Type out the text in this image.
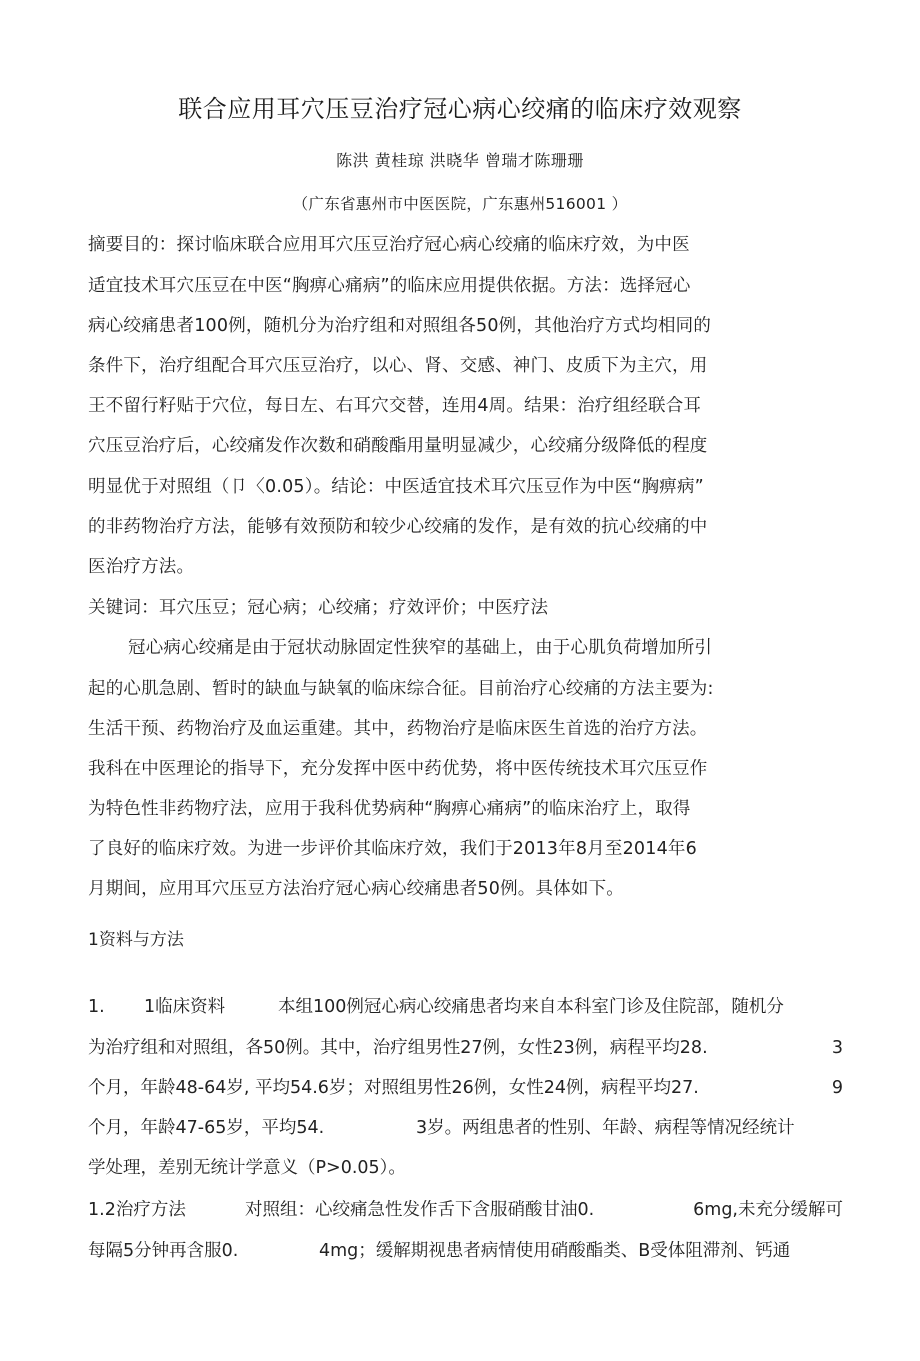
联合应用耳穴压豆治疗冠心病心绞痛的临床疗效观察
陈洪 黄桂琼 洪晓华 曾瑞才陈珊珊
（广东省惠州市中医医院，广东惠州516001 ）
摘要目的：探讨临床联合应用耳穴压豆治疗冠心病心绞痛的临床疗效，为中医
适宜技术耳穴压豆在中医“胸痹心痛病”的临床应用提供依据。方法：选择冠心
病心绞痛患者100例，随机分为治疗组和对照组各50例，其他治疗方式均相同的
条件下，治疗组配合耳穴压豆治疗，以心、肾、交感、神门、皮质下为主穴，用
王不留行籽贴于穴位，每日左、右耳穴交替，连用4周。结果：治疗组经联合耳
穴压豆治疗后，心绞痛发作次数和硝酸酯用量明显减少，心绞痛分级降低的程度
明显优于对照组（卩〈0.05）。结论：中医适宜技术耳穴压豆作为中医“胸痹病”
的非药物治疗方法，能够有效预防和较少心绞痛的发作，是有效的抗心绞痛的中
医治疗方法。
关键词：耳穴压豆；冠心病；心绞痛；疗效评价；中医疗法
冠心病心绞痛是由于冠状动脉固定性狭窄的基础上，由于心肌负荷增加所引
起的心肌急剧、暂时的缺血与缺氧的临床综合征。目前治疗心绞痛的方法主要为:
生活干预、药物治疗及血运重建。其中，药物治疗是临床医生首选的治疗方法。
我科在中医理论的指导下，充分发挥中医中药优势，将中医传统技术耳穴压豆作
为特色性非药物疗法，应用于我科优势病种“胸痹心痛病”的临床治疗上，取得
了良好的临床疗效。为进一步评价其临床疗效，我们于2013年8月至2014年6
月期间，应用耳穴压豆方法治疗冠心病心绞痛患者50例。具体如下。
1资料与方法
1. 1临床资料	本组100例冠心病心绞痛患者均来自本科室门诊及住院部，随机分
为治疗组和对照组，各50例。其中，治疗组男性27例，女性23例，病程平均28.	3
个月，年龄48-64岁, 平均54.6岁；对照组男性26例，女性24例，病程平均27.	9
个月，年龄47-65岁，平均54.	3岁。两组患者的性别、年龄、病程等情况经统计
学处理，差别无统计学意义（P>0.05）。
1.2治疗方法	对照组：心绞痛急性发作舌下含服硝酸甘油0.	6mg,未充分缓解可
每隔5分钟再含服0.	4mg；缓解期视患者病情使用硝酸酯类、B受体阻滞剂、钙通
